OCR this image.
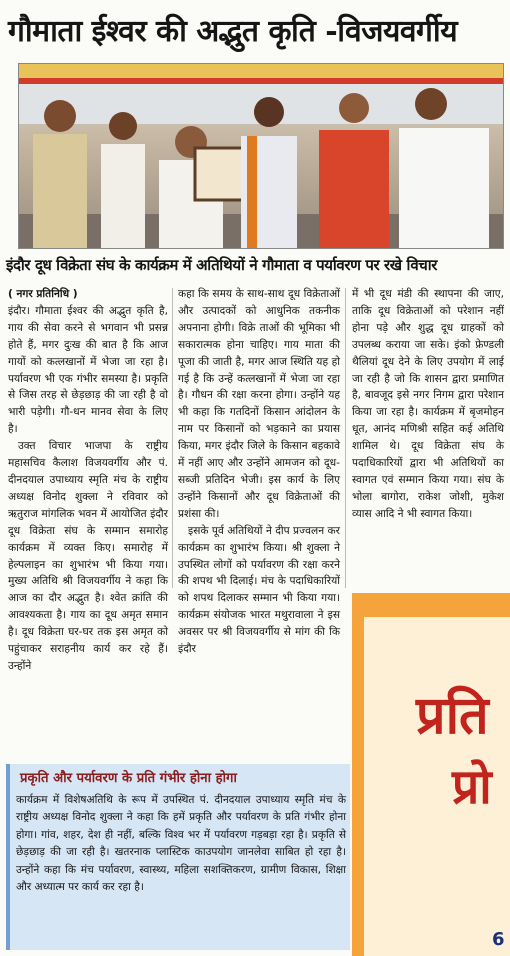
गौमाता ईश्वर की अद्भुत कृति -विजयवर्गीय
इंदौर दूध विक्रेता संघ के कार्यक्रम में अतिथियों ने गौमाता व पर्यावरण पर रखे विचार

( नगर प्रतिनिधि )

इंदौर। गौमाता ईश्वर की अद्भुत कृति है, गाय की सेवा करने से भगवान भी प्रसन्न होते हैं, मगर दुःख की बात है कि आज गायों को कत्लखानों में भेजा जा रहा है। पर्यावरण भी एक गंभीर समस्या है। प्रकृति से जिस तरह से छेड़छाड़ की जा रही है वो भारी पड़ेगी। गौ-धन मानव सेवा के लिए है।

उक्त विचार भाजपा के राष्ट्रीय महासचिव कैलाश विजयवर्गीय और पं. दीनदयाल उपाध्याय स्मृति मंच के राष्ट्रीय अध्यक्ष विनोद शुक्ला ने रविवार को ऋतुराज मांगलिक भवन में आयोजित इंदौर दूध विक्रेता संघ के सम्मान समारोह कार्यक्रम में व्यक्त किए। समारोह में हेल्पलाइन का शुभारंभ भी किया गया। मुख्य अतिथि श्री विजयवर्गीय ने कहा कि आज का दौर अद्भुत है। श्वेत क्रांति की आवश्यकता है। गाय का दूध अमृत समान है। दूध विक्रेता घर-घर तक इस अमृत को पहुंचाकर सराहनीय कार्य कर रहे हैं। उन्होंने

कहा कि समय के साथ-साथ दूध विक्रेताओं और उत्पादकों को आधुनिक तकनीक अपनाना होगी। विक्रे ताओं की भूमिका भी सकारात्मक होना चाहिए। गाय माता की पूजा की जाती है, मगर आज स्थिति यह हो गई है कि उन्हें कत्लखानों में भेजा जा रहा है। गौधन की रक्षा करना होगा। उन्होंने यह भी कहा कि गतदिनों किसान आंदोलन के नाम पर किसानों को भड़काने का प्रयास किया, मगर इंदौर जिले के किसान बहकावे में नहीं आए और उन्होंने आमजन को दूध-सब्जी प्रतिदिन भेजी। इस कार्य के लिए उन्होंने किसानों और दूध विक्रेताओं की प्रशंसा की।

इसके पूर्व अतिथियों ने दीप प्रज्वलन कर कार्यक्रम का शुभारंभ किया। श्री शुक्ला ने उपस्थित लोगों को पर्यावरण की रक्षा करने की शपथ भी दिलाई। मंच के पदाधिकारियों को शपथ दिलाकर सम्मान भी किया गया। कार्यक्रम संयोजक भारत मथुरावाला ने इस अवसर पर श्री विजयवर्गीय से मांग की कि इंदौर

में भी दूध मंडी की स्थापना की जाए, ताकि दूध विक्रेताओं को परेशान नहीं होना पड़े और शुद्ध दूध ग्राहकों को उपलब्ध कराया जा सके। इंको फ्रेण्डली थैलियां दूध देने के लिए उपयोग में लाई जा रही है जो कि शासन द्वारा प्रमाणित है, बावजूद इसे नगर निगम द्वारा परेशान किया जा रहा है। कार्यक्रम में बृजमोहन धूत, आनंद मणिश्री सहित कई अतिथि शामिल थे। दूध विक्रेता संघ के पदाधिकारियों द्वारा भी अतिथियों का स्वागत एवं सम्मान किया गया। संघ के भोला बागोरा, राकेश जोशी, मुकेश व्यास आदि ने भी स्वागत किया।

प्रति
प्रो
6
प्रकृति और पर्यावरण के प्रति गंभीर होना होगा

कार्यक्रम में विशेषअतिथि के रूप में उपस्थित पं. दीनदयाल उपाध्याय स्मृति मंच के राष्ट्रीय अध्यक्ष विनोद शुक्ला ने कहा कि हमें प्रकृति और पर्यावरण के प्रति गंभीर होना होगा। गांव, शहर, देश ही नहीं, बल्कि विश्व भर में पर्यावरण गड़बड़ा रहा है। प्रकृति से छेड़छाड़ की जा रही है। खतरनाक प्लास्टिक काउपयोग जानलेवा साबित हो रहा है। उन्होंने कहा कि मंच पर्यावरण, स्वास्थ्य, महिला सशक्तिकरण, ग्रामीण विकास, शिक्षा और अध्यात्म पर कार्य कर रहा है।
